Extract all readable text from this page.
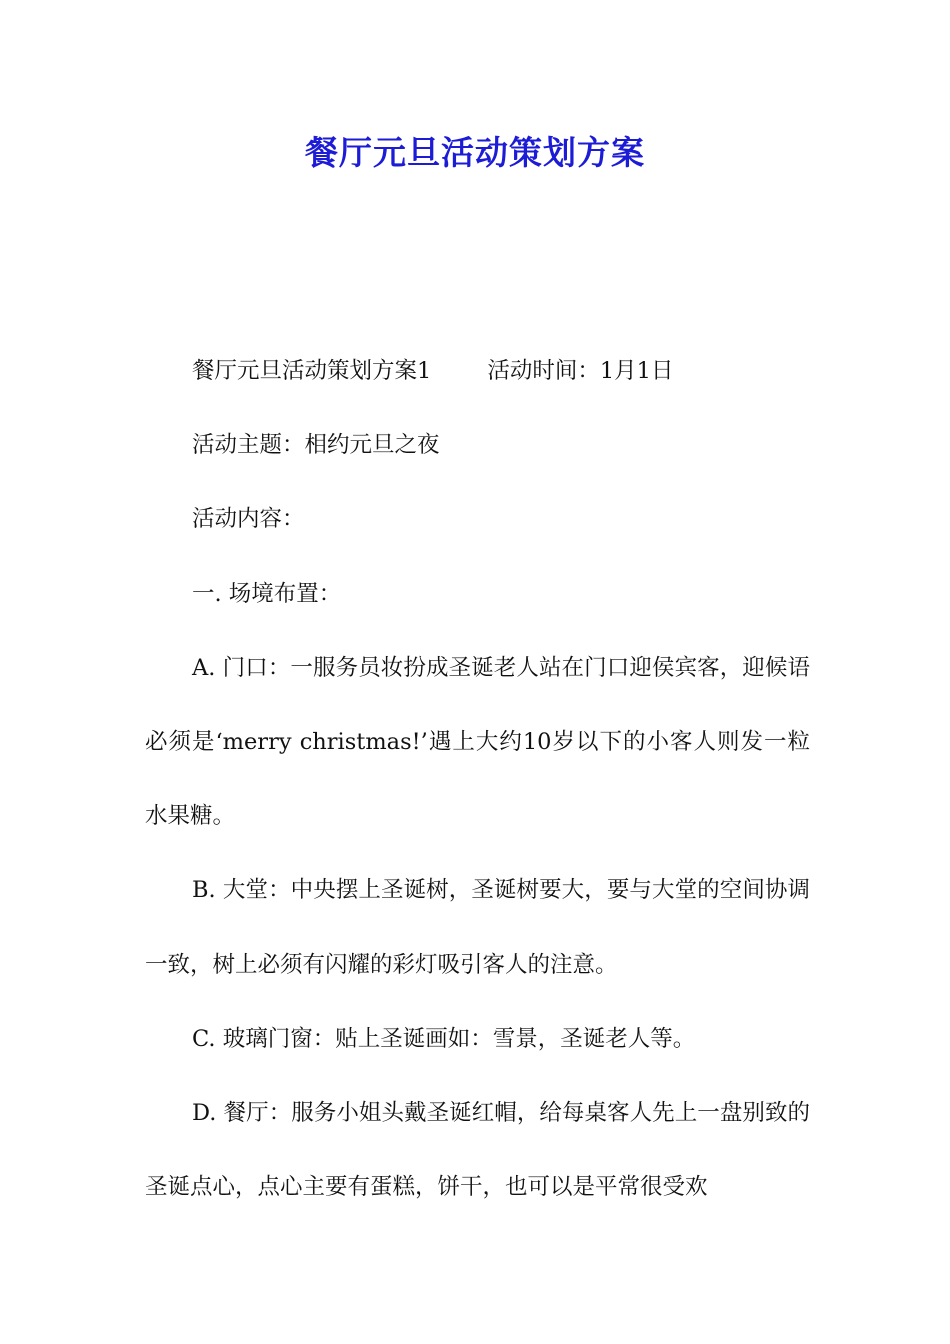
餐厅元旦活动策划方案

餐厅元旦活动策划方案1 活动时间：1月1日

活动主题：相约元旦之夜

活动内容：

一. 场境布置：

A. 门口：一服务员妆扮成圣诞老人站在门口迎侯宾客，迎候语必须是‘merry christmas!’遇上大约10岁以下的小客人则发一粒水果糖。

B. 大堂：中央摆上圣诞树，圣诞树要大，要与大堂的空间协调一致，树上必须有闪耀的彩灯吸引客人的注意。

C. 玻璃门窗：贴上圣诞画如：雪景，圣诞老人等。

D. 餐厅：服务小姐头戴圣诞红帽，给每桌客人先上一盘别致的圣诞点心，点心主要有蛋糕，饼干，也可以是平常很受欢
